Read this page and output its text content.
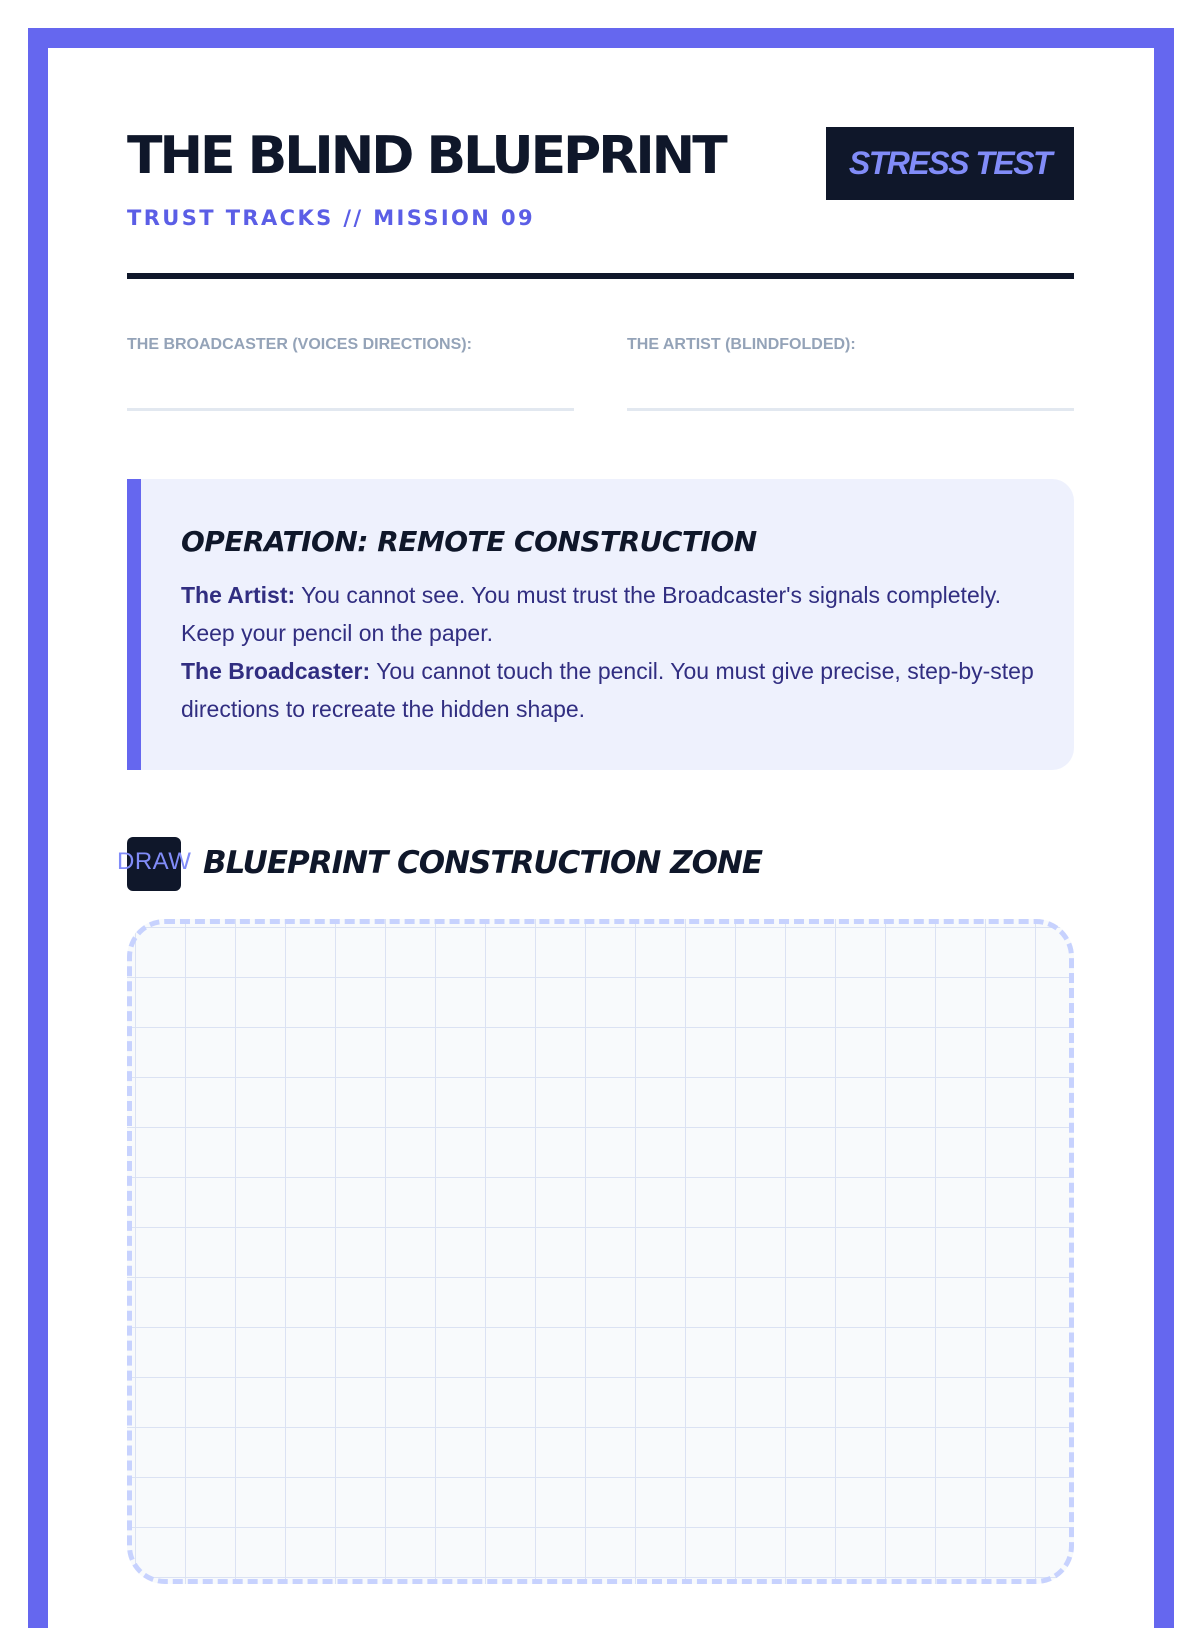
THE BLIND BLUEPRINT	STRESS TEST
TRUST TRACKS // MISSION 09
THE BROADCASTER (VOICES DIRECTIONS):	THE ARTIST (BLINDFOLDED):
OPERATION: REMOTE CONSTRUCTION

The Artist: You cannot see. You must trust the Broadcaster's signals completely. Keep your pencil on the paper.

The Broadcaster: You cannot touch the pencil. You must give precise, step-by-step directions to recreate the hidden shape.

DRAW BLUEPRINT CONSTRUCTION ZONE
